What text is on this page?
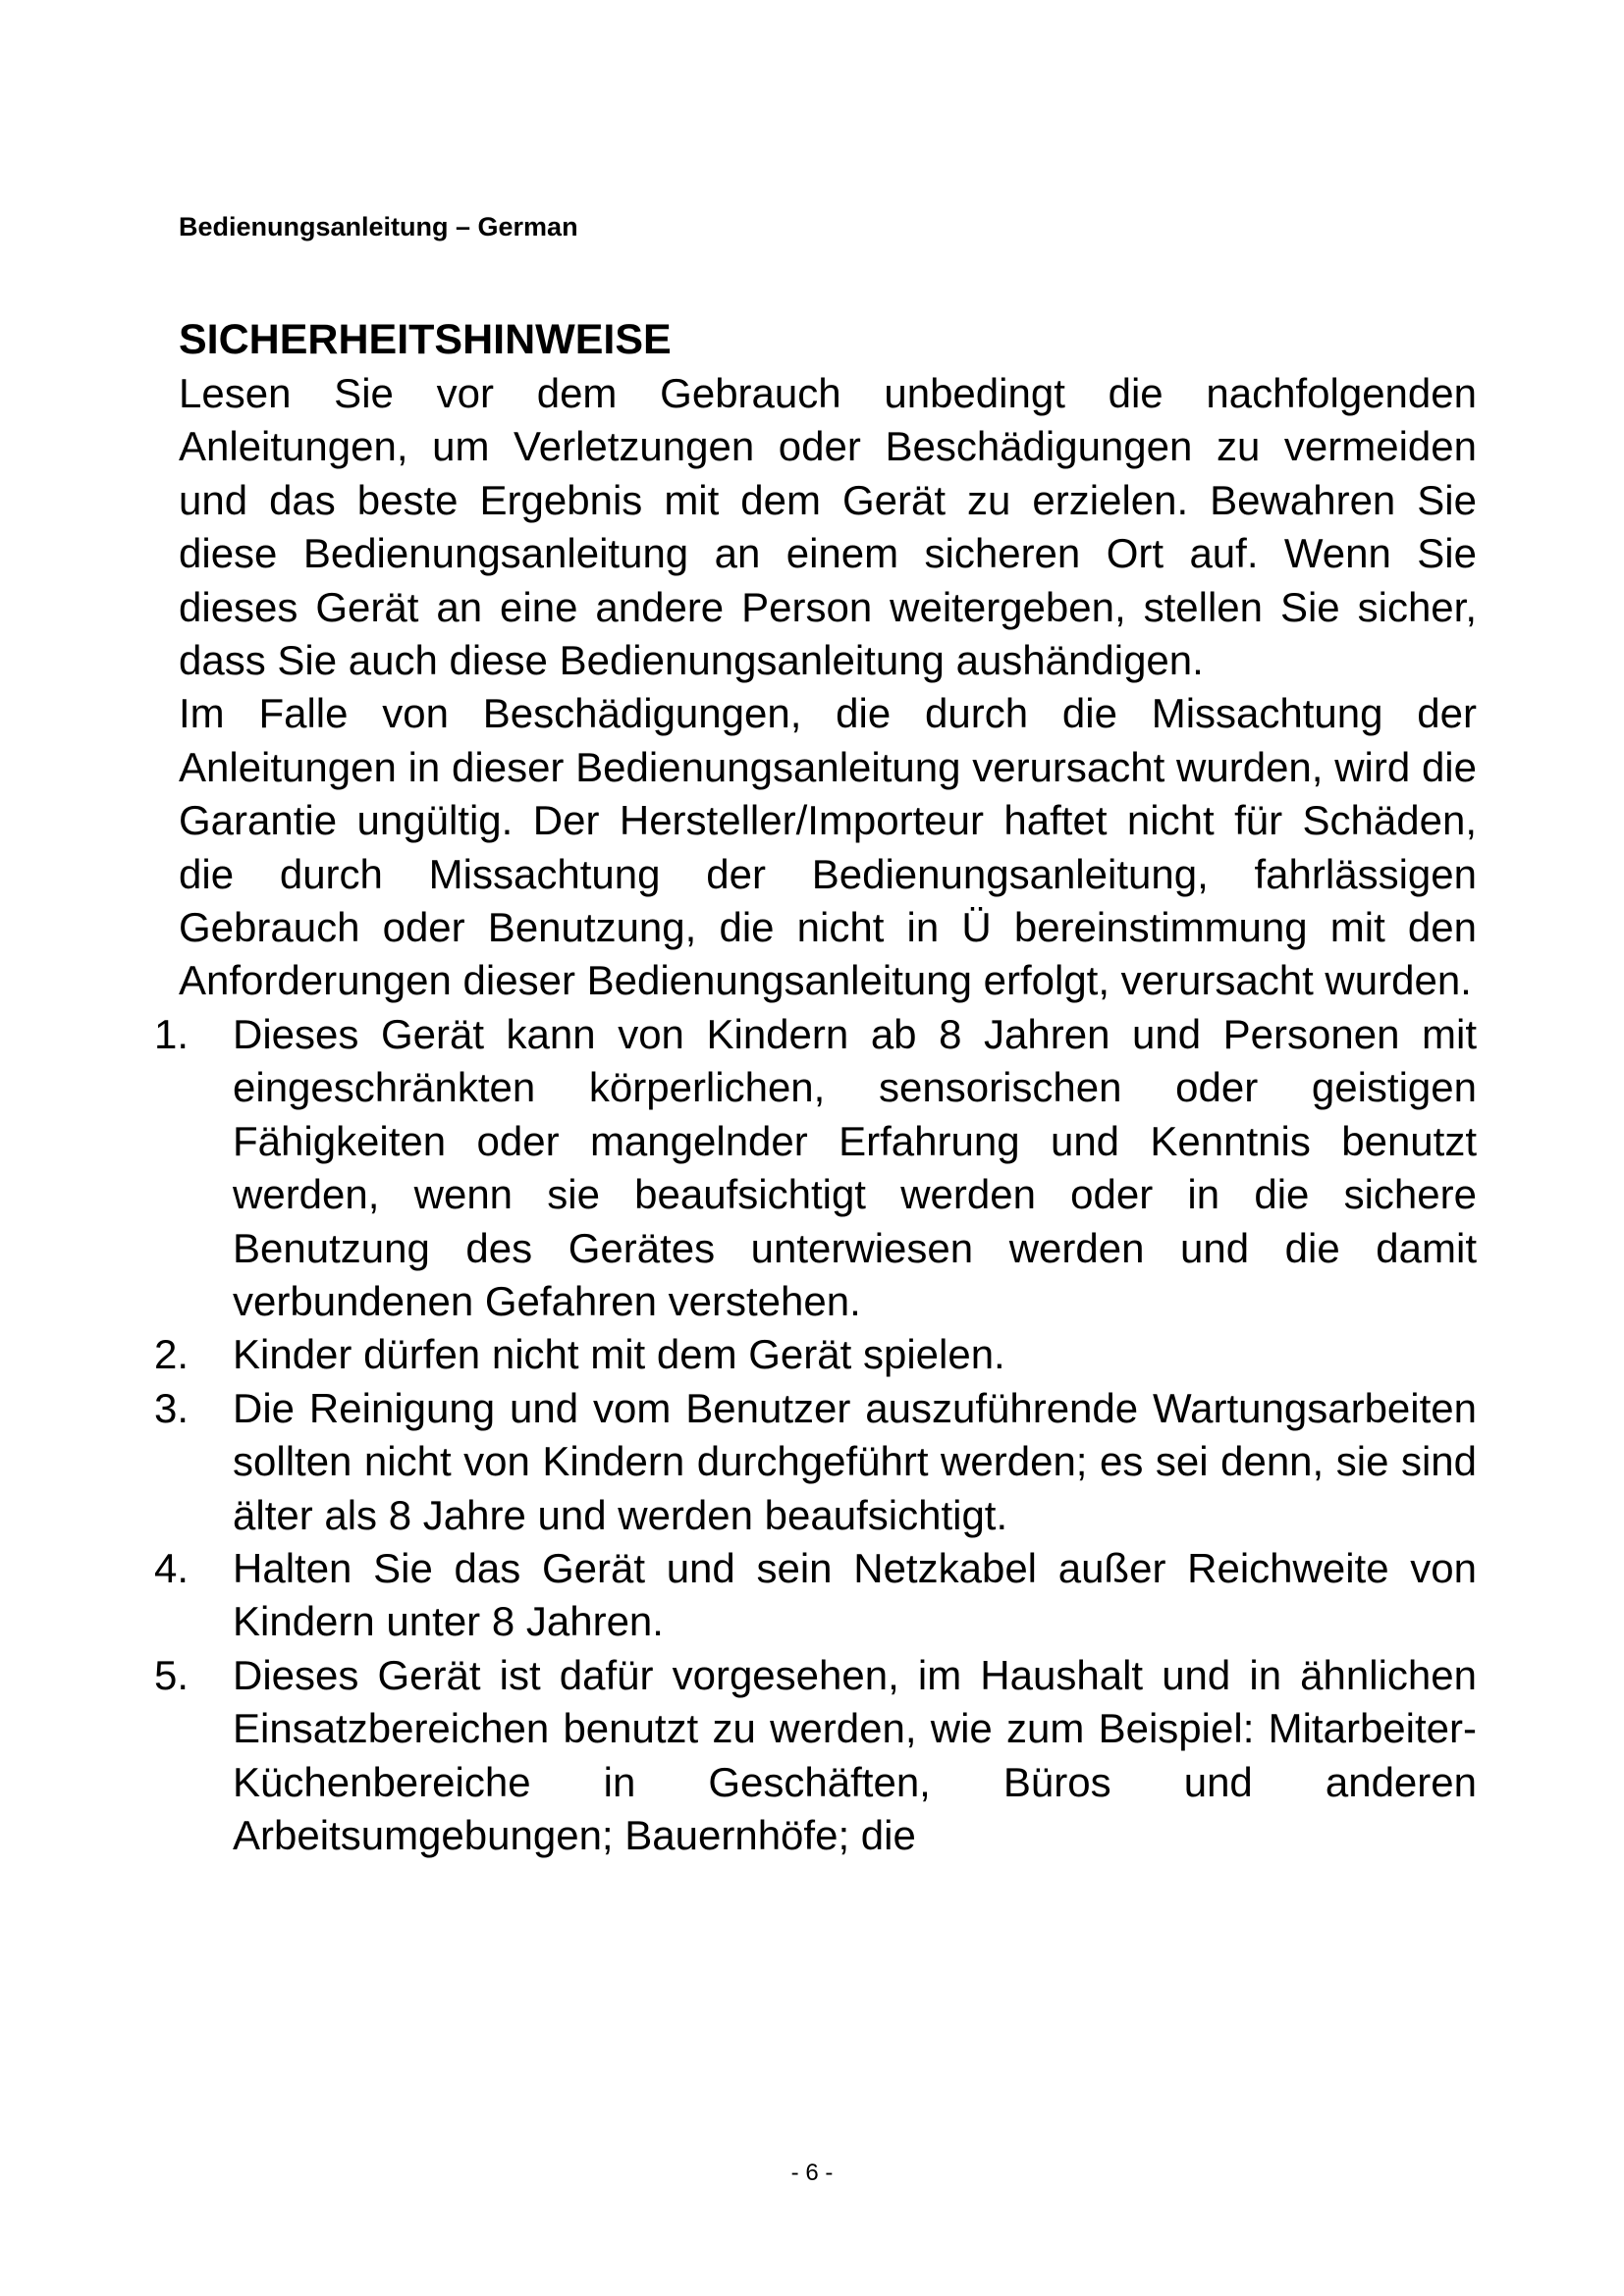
Bedienungsanleitung – German
SICHERHEITSHINWEISE

Lesen Sie vor dem Gebrauch unbedingt die nachfolgenden Anleitungen, um Verletzungen oder Beschädigungen zu vermeiden und das beste Ergebnis mit dem Gerät zu erzielen. Bewahren Sie diese Bedienungsanleitung an einem sicheren Ort auf. Wenn Sie dieses Gerät an eine andere Person weitergeben, stellen Sie sicher, dass Sie auch diese Bedienungsanleitung aushändigen.

Im Falle von Beschädigungen, die durch die Missachtung der Anleitungen in dieser Bedienungsanleitung verursacht wurden, wird die Garantie ungültig. Der Hersteller/Importeur haftet nicht für Schäden, die durch Missachtung der Bedienungsanleitung, fahrlässigen Gebrauch oder Benutzung, die nicht in Ü bereinstimmung mit den Anforderungen dieser Bedienungsanleitung erfolgt, verursacht wurden.

1. Dieses Gerät kann von Kindern ab 8 Jahren und Personen mit eingeschränkten körperlichen, sensorischen oder geistigen Fähigkeiten oder mangelnder Erfahrung und Kenntnis benutzt werden, wenn sie beaufsichtigt werden oder in die sichere Benutzung des Gerätes unterwiesen werden und die damit verbundenen Gefahren verstehen.
2. Kinder dürfen nicht mit dem Gerät spielen.
3. Die Reinigung und vom Benutzer auszuführende Wartungsarbeiten sollten nicht von Kindern durchgeführt werden; es sei denn, sie sind älter als 8 Jahre und werden beaufsichtigt.
4. Halten Sie das Gerät und sein Netzkabel außer Reichweite von Kindern unter 8 Jahren.
5. Dieses Gerät ist dafür vorgesehen, im Haushalt und in ähnlichen Einsatzbereichen benutzt zu werden, wie zum Beispiel: Mitarbeiter-Küchenbereiche in Geschäften, Büros und anderen Arbeitsumgebungen; Bauernhöfe; die
- 6 -
